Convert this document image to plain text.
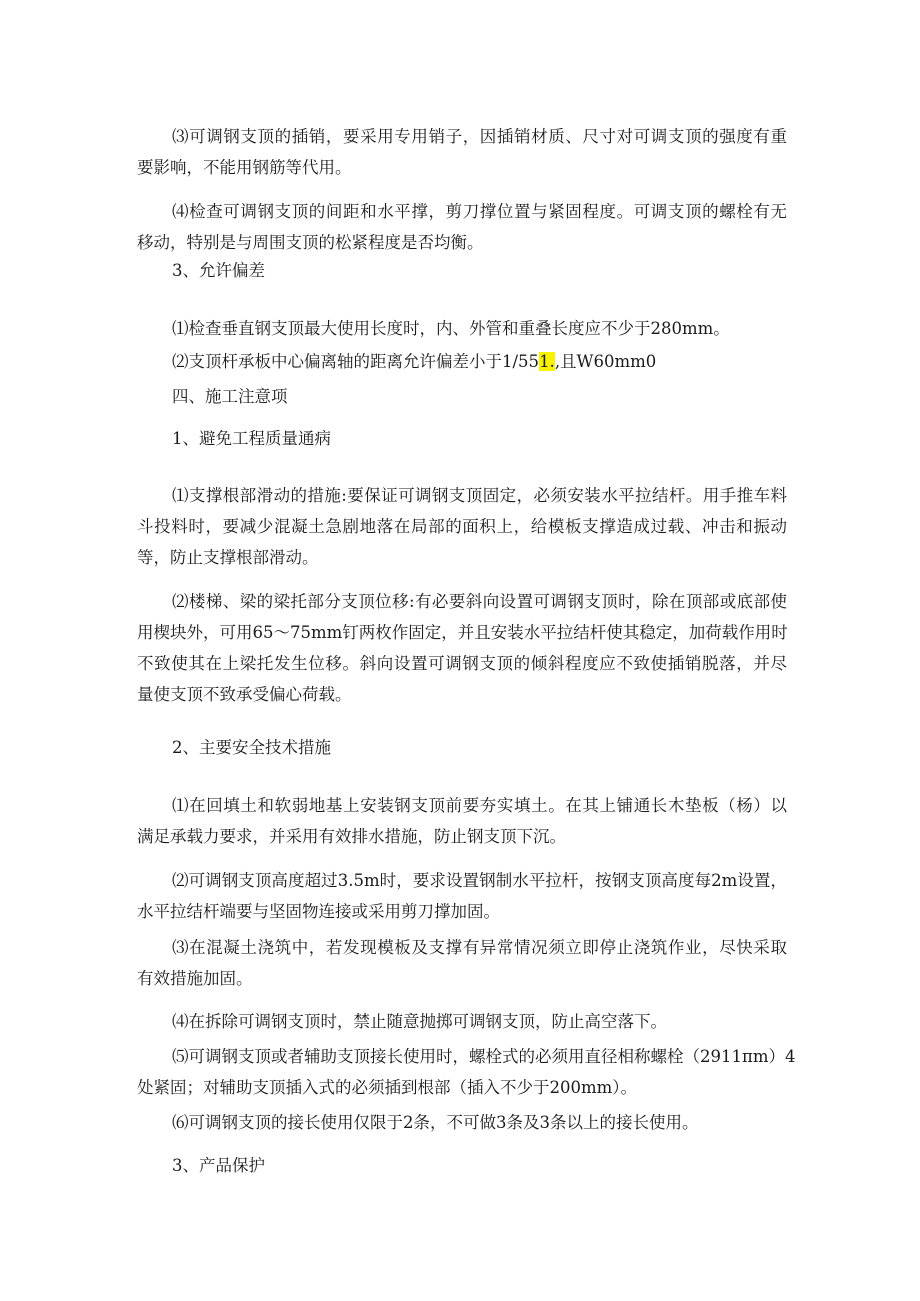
⑶可调钢支顶的插销，要采用专用销子，因插销材质、尺寸对可调支顶的强度有重
要影响，不能用钢筋等代用。

⑷检查可调钢支顶的间距和水平撑，剪刀撑位置与紧固程度。可调支顶的螺栓有无
移动，特别是与周围支顶的松紧程度是否均衡。

3、允许偏差

⑴检查垂直钢支顶最大使用长度时，内、外管和重叠长度应不少于280mm。

⑵支顶杆承板中心偏离轴的距离允许偏差小于1/551.,且W60mm0

四、施工注意项

1、避免工程质量通病

⑴支撑根部滑动的措施:要保证可调钢支顶固定，必须安装水平拉结杆。用手推车料
斗投料时，要减少混凝土急剧地落在局部的面积上，给模板支撑造成过载、冲击和振动
等，防止支撑根部滑动。

⑵楼梯、梁的梁托部分支顶位移:有必要斜向设置可调钢支顶时，除在顶部或底部使
用楔块外，可用65〜75mm钉两枚作固定，并且安装水平拉结杆使其稳定，加荷载作用时
不致使其在上梁托发生位移。斜向设置可调钢支顶的倾斜程度应不致使插销脱落，并尽
量使支顶不致承受偏心荷载。

2、主要安全技术措施

⑴在回填土和软弱地基上安装钢支顶前要夯实填土。在其上铺通长木垫板（杨）以
满足承载力要求，并采用有效排水措施，防止钢支顶下沉。

⑵可调钢支顶高度超过3.5m时，要求设置钢制水平拉杆，按钢支顶高度每2m设置，
水平拉结杆端要与坚固物连接或采用剪刀撑加固。

⑶在混凝土浇筑中，若发现模板及支撑有异常情况须立即停止浇筑作业，尽快采取
有效措施加固。

⑷在拆除可调钢支顶时，禁止随意抛掷可调钢支顶，防止高空落下。

⑸可调钢支顶或者辅助支顶接长使用时，螺栓式的必须用直径相称螺栓（2911πm）4
处紧固；对辅助支顶插入式的必须插到根部（插入不少于200mm）。

⑹可调钢支顶的接长使用仅限于2条，不可做3条及3条以上的接长使用。

3、产品保护
